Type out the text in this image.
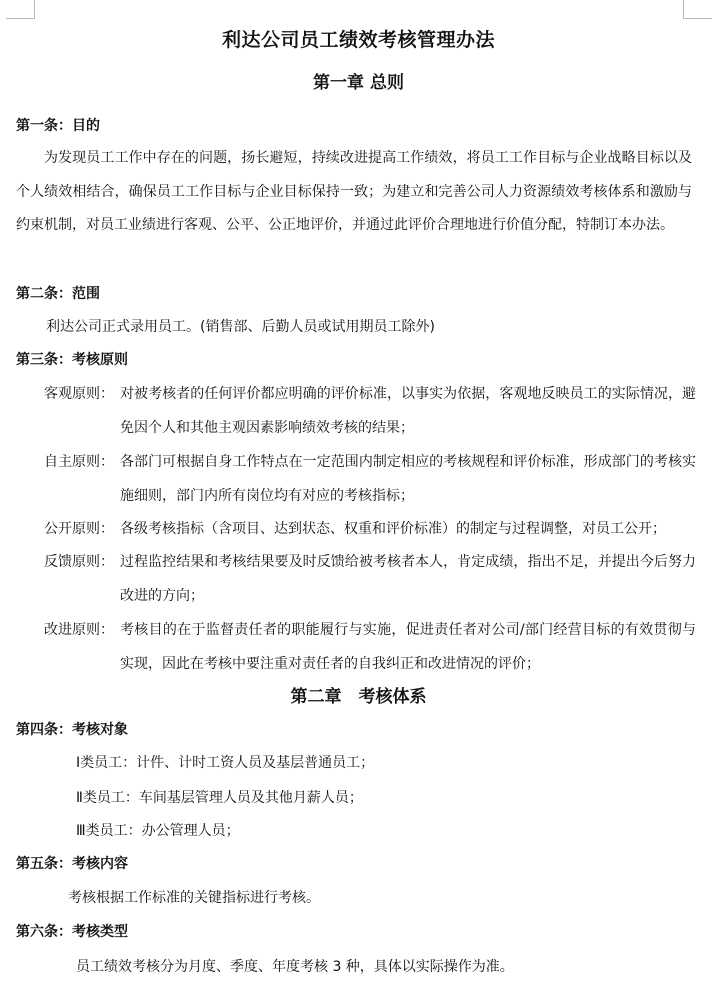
利达公司员工绩效考核管理办法
第一章 总则
第一条：目的
为发现员工工作中存在的问题，扬长避短，持续改进提高工作绩效，将员工工作目标与企业战略目标以及个人绩效相结合，确保员工工作目标与企业目标保持一致；为建立和完善公司人力资源绩效考核体系和激励与约束机制，对员工业绩进行客观、公平、公正地评价，并通过此评价合理地进行价值分配，特制订本办法。
第二条：范围
利达公司正式录用员工。(销售部、后勤人员或试用期员工除外)
第三条：考核原则
客观原则： 对被考核者的任何评价都应明确的评价标准，以事实为依据，客观地反映员工的实际情况，避免因个人和其他主观因素影响绩效考核的结果；
自主原则： 各部门可根据自身工作特点在一定范围内制定相应的考核规程和评价标准，形成部门的考核实施细则，部门内所有岗位均有对应的考核指标；
公开原则： 各级考核指标（含项目、达到状态、权重和评价标准）的制定与过程调整，对员工公开；
反馈原则： 过程监控结果和考核结果要及时反馈给被考核者本人，肯定成绩，指出不足，并提出今后努力改进的方向；
改进原则： 考核目的在于监督责任者的职能履行与实施，促进责任者对公司/部门经营目标的有效贯彻与实现，因此在考核中要注重对责任者的自我纠正和改进情况的评价；
第二章　考核体系
第四条：考核对象
Ⅰ类员工：计件、计时工资人员及基层普通员工；
Ⅱ类员工：车间基层管理人员及其他月薪人员；
Ⅲ类员工：办公管理人员；
第五条：考核内容
考核根据工作标准的关键指标进行考核。
第六条：考核类型
员工绩效考核分为月度、季度、年度考核 3 种，具体以实际操作为准。
